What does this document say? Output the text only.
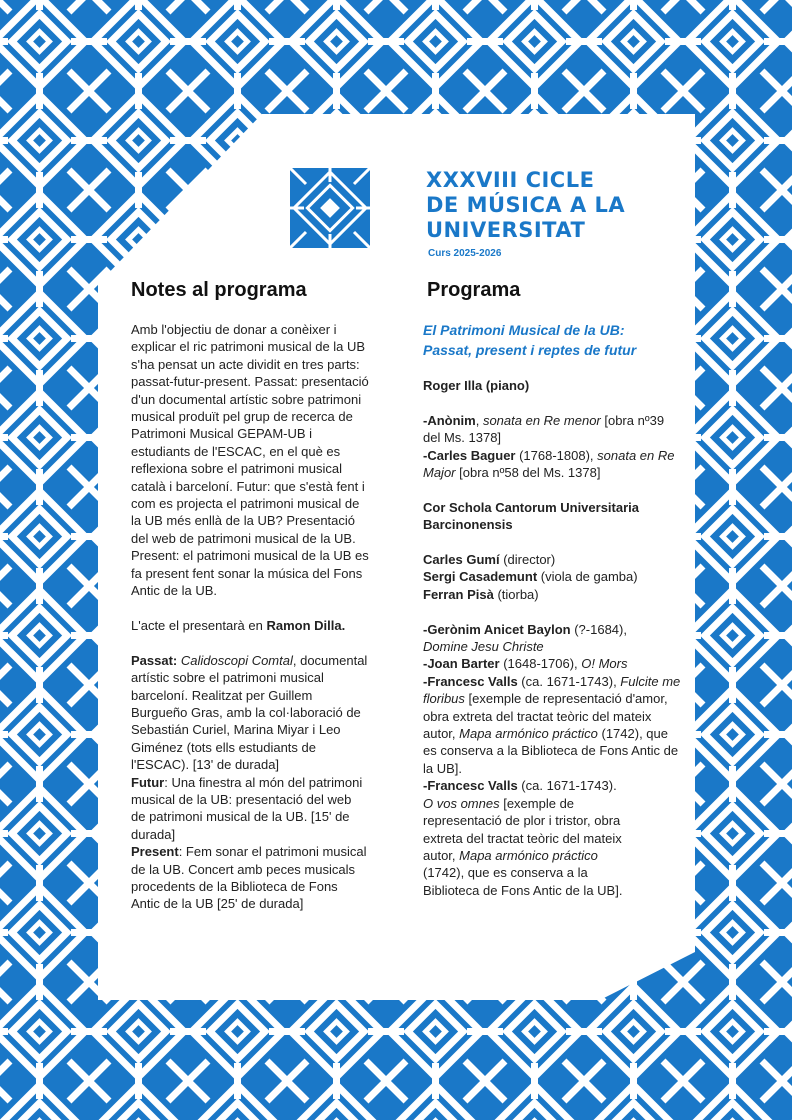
XXXVIII CICLE
DE MÚSICA A LA
UNIVERSITAT
Curs 2025-2026
Notes al programa	Programa

Amb l'objectiu de donar a conèixer i explicar el ric patrimoni musical de la UB s'ha pensat un acte dividit en tres parts: passat-futur-present. Passat: presentació d'un documental artístic sobre patrimoni musical produït pel grup de recerca de Patrimoni Musical GEPAM-UB i estudiants de l'ESCAC, en el què es reflexiona sobre el patrimoni musical català i barceloní. Futur: que s'està fent i com es projecta el patrimoni musical de la UB més enllà de la UB? Presentació del web de patrimoni musical de la UB. Present: el patrimoni musical de la UB es fa present fent sonar la música del Fons Antic de la UB.

L'acte el presentarà en Ramon Dilla.

Passat: Calidoscopi Comtal, documental artístic sobre el patrimoni musical barceloní. Realitzat per Guillem Burgueño Gras, amb la col·laboració de Sebastián Curiel, Marina Miyar i Leo Giménez (tots ells estudiants de l'ESCAC). [13' de durada]

Futur: Una finestra al món del patrimoni musical de la UB: presentació del web de patrimoni musical de la UB. [15' de durada]

Present: Fem sonar el patrimoni musical de la UB. Concert amb peces musicals procedents de la Biblioteca de Fons Antic de la UB [25' de durada]

El Patrimoni Musical de la UB:
Passat, present i reptes de futur

Roger Illa (piano)

-Anònim, sonata en Re menor [obra nº39 del Ms. 1378]

-Carles Baguer (1768-1808), sonata en Re Major [obra nº58 del Ms. 1378]

Cor Schola Cantorum Universitaria Barcinonensis

Carles Gumí (director)

Sergi Casademunt (viola de gamba)

Ferran Pisà (tiorba)

-Gerònim Anicet Baylon (?-1684),
Domine Jesu Christe

-Joan Barter (1648-1706), O! Mors

-Francesc Valls (ca. 1671-1743), Fulcite me floribus [exemple de representació d'amor, obra extreta del tractat teòric del mateix autor, Mapa armónico práctico (1742), que es conserva a la Biblioteca de Fons Antic de la UB].

-Francesc Valls (ca. 1671-1743). O vos omnes [exemple de representació de plor i tristor, obra extreta del tractat teòric del mateix autor, Mapa armónico práctico (1742), que es conserva a la Biblioteca de Fons Antic de la UB].
